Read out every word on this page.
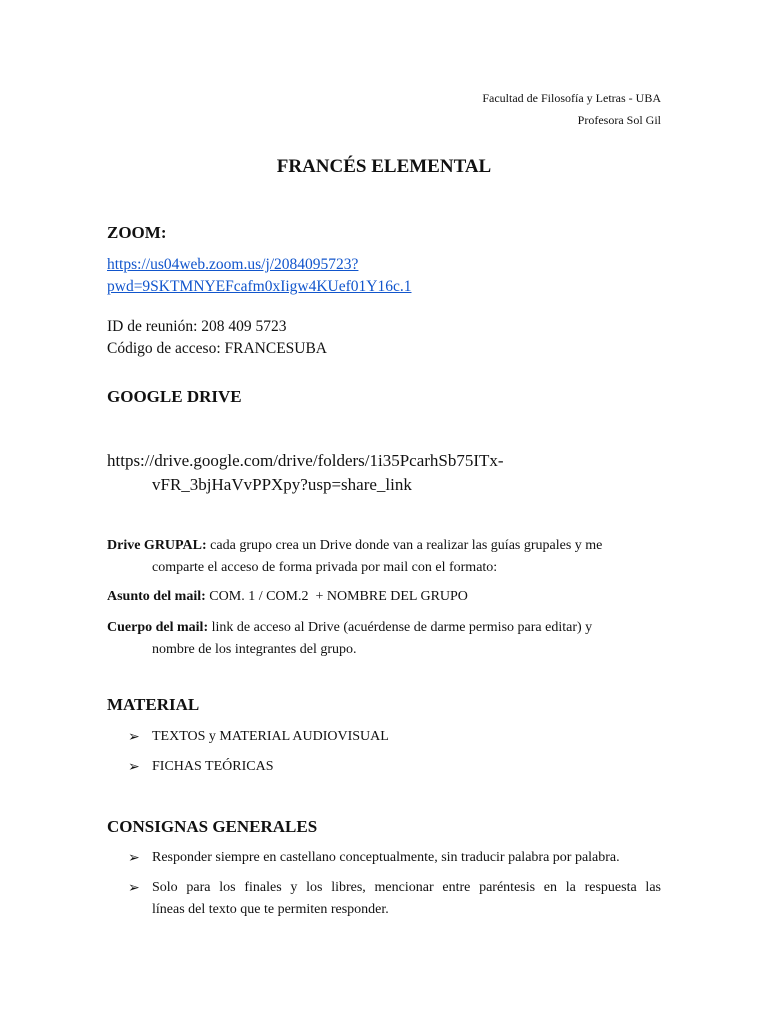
Facultad de Filosofía y Letras - UBA
Profesora Sol Gil
FRANCÉS ELEMENTAL
ZOOM:
https://us04web.zoom.us/j/2084095723?
pwd=9SKTMNYEFcafm0xIigw4KUef01Y16c.1
ID de reunión: 208 409 5723
Código de acceso: FRANCESUBA
GOOGLE DRIVE
https://drive.google.com/drive/folders/1i35PcarhSb75ITx-
vFR_3bjHaVvPPXpy?usp=share_link
Drive GRUPAL: cada grupo crea un Drive donde van a realizar las guías grupales y me
comparte el acceso de forma privada por mail con el formato:
Asunto del mail: COM. 1 / COM.2  + NOMBRE DEL GRUPO
Cuerpo del mail: link de acceso al Drive (acuérdense de darme permiso para editar) y
nombre de los integrantes del grupo.
MATERIAL
➢ TEXTOS y MATERIAL AUDIOVISUAL
➢ FICHAS TEÓRICAS
CONSIGNAS GENERALES
➢ Responder siempre en castellano conceptualmente, sin traducir palabra por palabra.
➢ Solo para los finales y los libres, mencionar entre paréntesis en la respuesta las
líneas del texto que te permiten responder.
